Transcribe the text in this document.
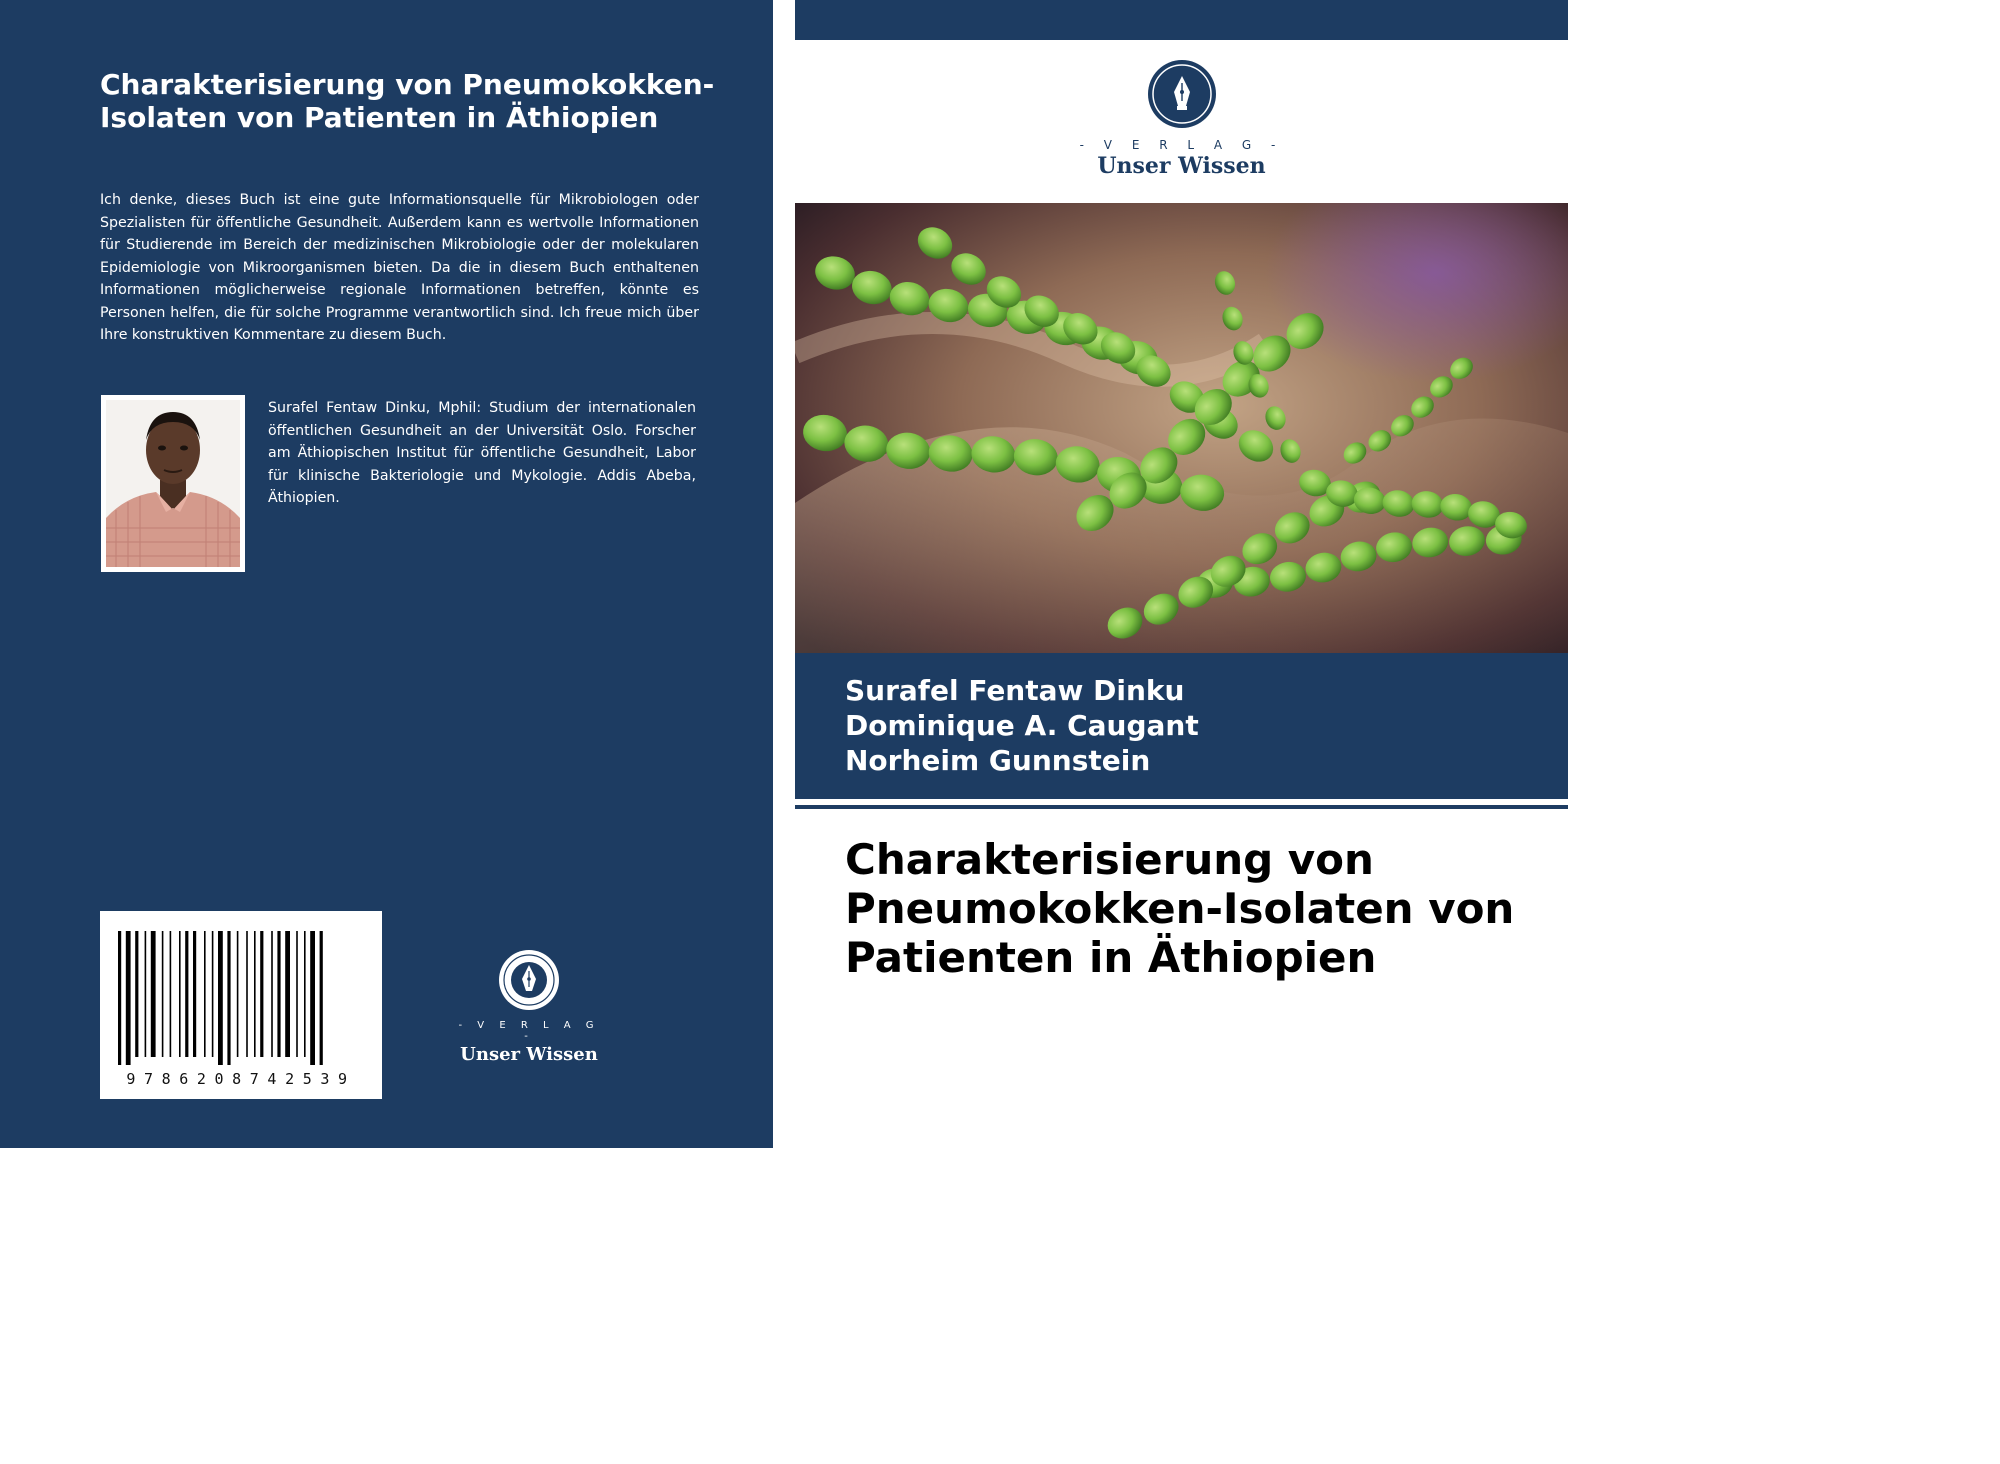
Charakterisierung von Pneumokokken-Isolaten von Patienten in Äthiopien
Ich denke, dieses Buch ist eine gute Informationsquelle für Mikrobiologen oder Spezialisten für öffentliche Gesundheit. Außerdem kann es wertvolle Informationen für Studierende im Bereich der medizinischen Mikrobiologie oder der molekularen Epidemiologie von Mikroorganismen bieten. Da die in diesem Buch enthaltenen Informationen möglicherweise regionale Informationen betreffen, könnte es Personen helfen, die für solche Programme verantwortlich sind. Ich freue mich über Ihre konstruktiven Kommentare zu diesem Buch.
Surafel Fentaw Dinku, Mphil: Studium der internationalen öffentlichen Gesundheit an der Universität Oslo. Forscher am Äthiopischen Institut für öffentliche Gesundheit, Labor für klinische Bakteriologie und Mykologie. Addis Abeba, Äthiopien.
9786208742539
- V E R L A G -
Unser Wissen
- V E R L A G -
Unser Wissen
Surafel Fentaw Dinku
Dominique A. Caugant
Norheim Gunnstein
Charakterisierung von Pneumokokken-Isolaten von Patienten in Äthiopien
